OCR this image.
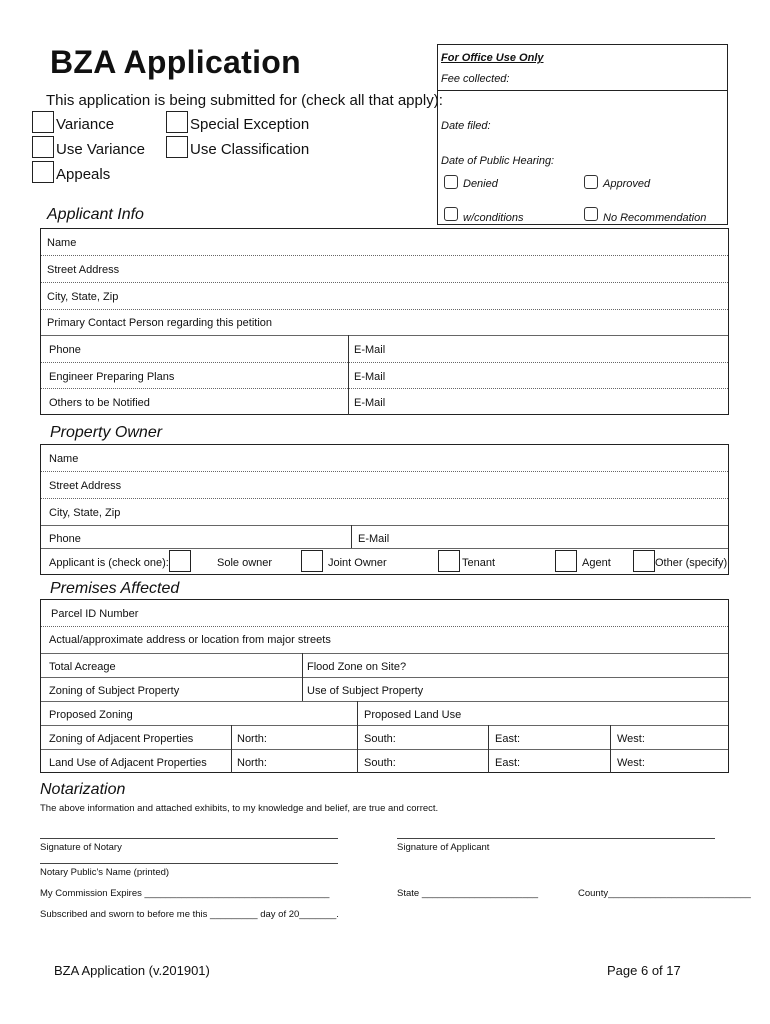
BZA Application
This application is being submitted for (check all that apply):
Variance	Special Exception
Use Variance	Use Classification
Appeals
For Office Use Only
Fee collected:
Date filed:
Date of Public Hearing:
Denied	Approved
w/conditions	No Recommendation
Applicant Info
Name
Street Address
City, State, Zip
Primary Contact Person regarding this petition
Phone	E-Mail
Engineer Preparing Plans	E-Mail
Others to be Notified	E-Mail
Property Owner
Name
Street Address
City, State, Zip
Phone	E-Mail
Applicant is (check one):	Sole owner	Joint Owner	Tenant	Agent	Other (specify)
Premises Affected
Parcel ID Number
Actual/approximate address or location from major streets
Total Acreage	Flood Zone on Site?
Zoning of Subject Property	Use of Subject Property
Proposed Zoning	Proposed Land Use
Zoning of Adjacent Properties	North:	South:	East:	West:
Land Use of Adjacent Properties	North:	South:	East:	West:
Notarization
The above information and attached exhibits, to my knowledge and belief, are true and correct.
Signature of Notary	Signature of Applicant
Notary Public's Name (printed)
My Commission Expires ___________________________________	State ______________________	County___________________________
Subscribed and sworn to before me this _________ day of 20_______.
BZA Application (v.201901)	Page 6 of 17
